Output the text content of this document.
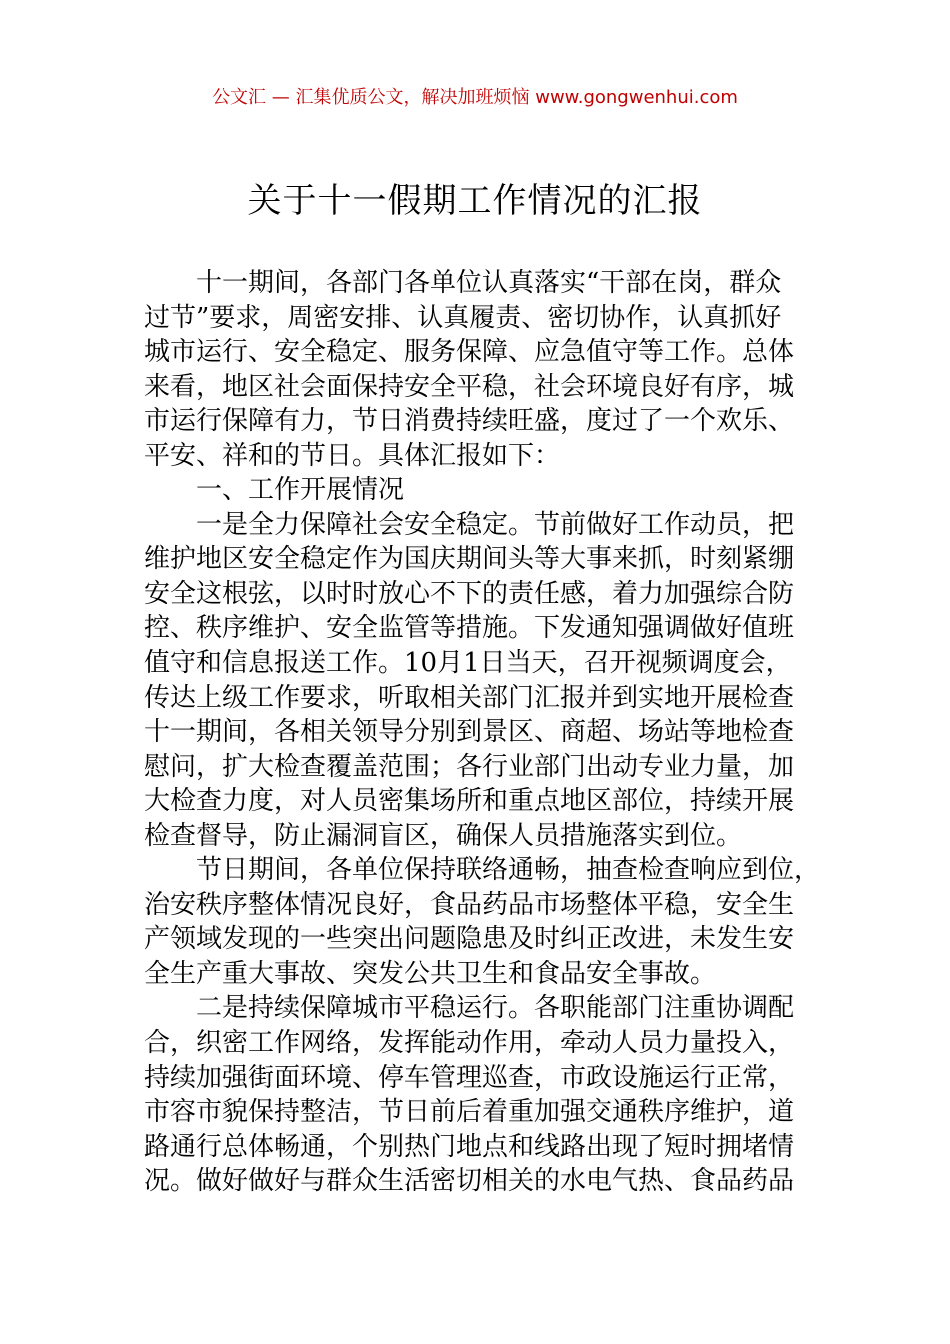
公文汇 — 汇集优质公文，解决加班烦恼 www.gongwenhui.com
关于十一假期工作情况的汇报
十一期间，各部门各单位认真落实“干部在岗，群众
过节”要求，周密安排、认真履责、密切协作，认真抓好
城市运行、安全稳定、服务保障、应急值守等工作。总体
来看，地区社会面保持安全平稳，社会环境良好有序，城
市运行保障有力，节日消费持续旺盛，度过了一个欢乐、
平安、祥和的节日。具体汇报如下：
一、工作开展情况
一是全力保障社会安全稳定。节前做好工作动员，把
维护地区安全稳定作为国庆期间头等大事来抓，时刻紧绷
安全这根弦，以时时放心不下的责任感，着力加强综合防
控、秩序维护、安全监管等措施。下发通知强调做好值班
值守和信息报送工作。10月1日当天，召开视频调度会，
传达上级工作要求，听取相关部门汇报并到实地开展检查
十一期间，各相关领导分别到景区、商超、场站等地检查
慰问，扩大检查覆盖范围；各行业部门出动专业力量，加
大检查力度，对人员密集场所和重点地区部位，持续开展
检查督导，防止漏洞盲区，确保人员措施落实到位。
节日期间，各单位保持联络通畅，抽查检查响应到位，
治安秩序整体情况良好，食品药品市场整体平稳，安全生
产领域发现的一些突出问题隐患及时纠正改进，未发生安
全生产重大事故、突发公共卫生和食品安全事故。
二是持续保障城市平稳运行。各职能部门注重协调配
合，织密工作网络，发挥能动作用，牵动人员力量投入，
持续加强街面环境、停车管理巡查，市政设施运行正常，
市容市貌保持整洁，节日前后着重加强交通秩序维护，道
路通行总体畅通，个别热门地点和线路出现了短时拥堵情
况。做好做好与群众生活密切相关的水电气热、食品药品
